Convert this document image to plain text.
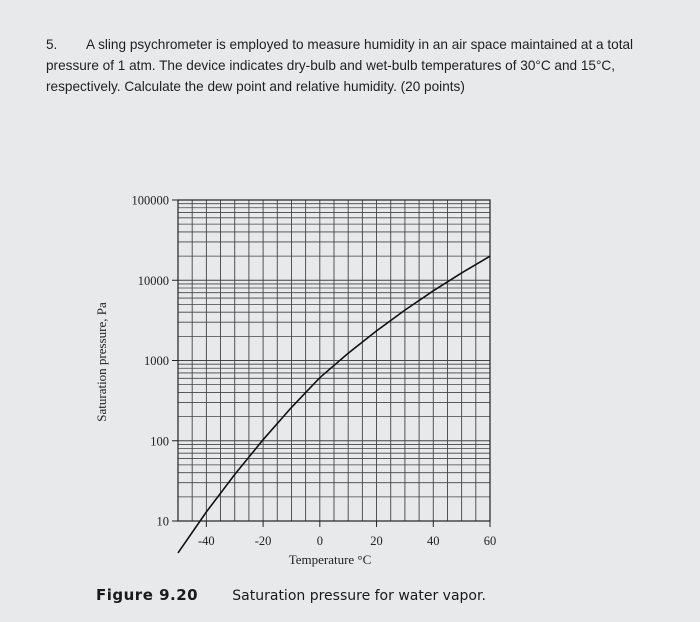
5. A sling psychrometer is employed to measure humidity in an air space maintained at a total pressure of 1 atm. The device indicates dry-bulb and wet-bulb temperatures of 30°C and 15°C, respectively. Calculate the dew point and relative humidity. (20 points)
10
100
1000
10000
100000
-40	-20	0	20	40	60
Temperature °C
Saturation pressure, Pa
Figure 9.20 Saturation pressure for water vapor.
